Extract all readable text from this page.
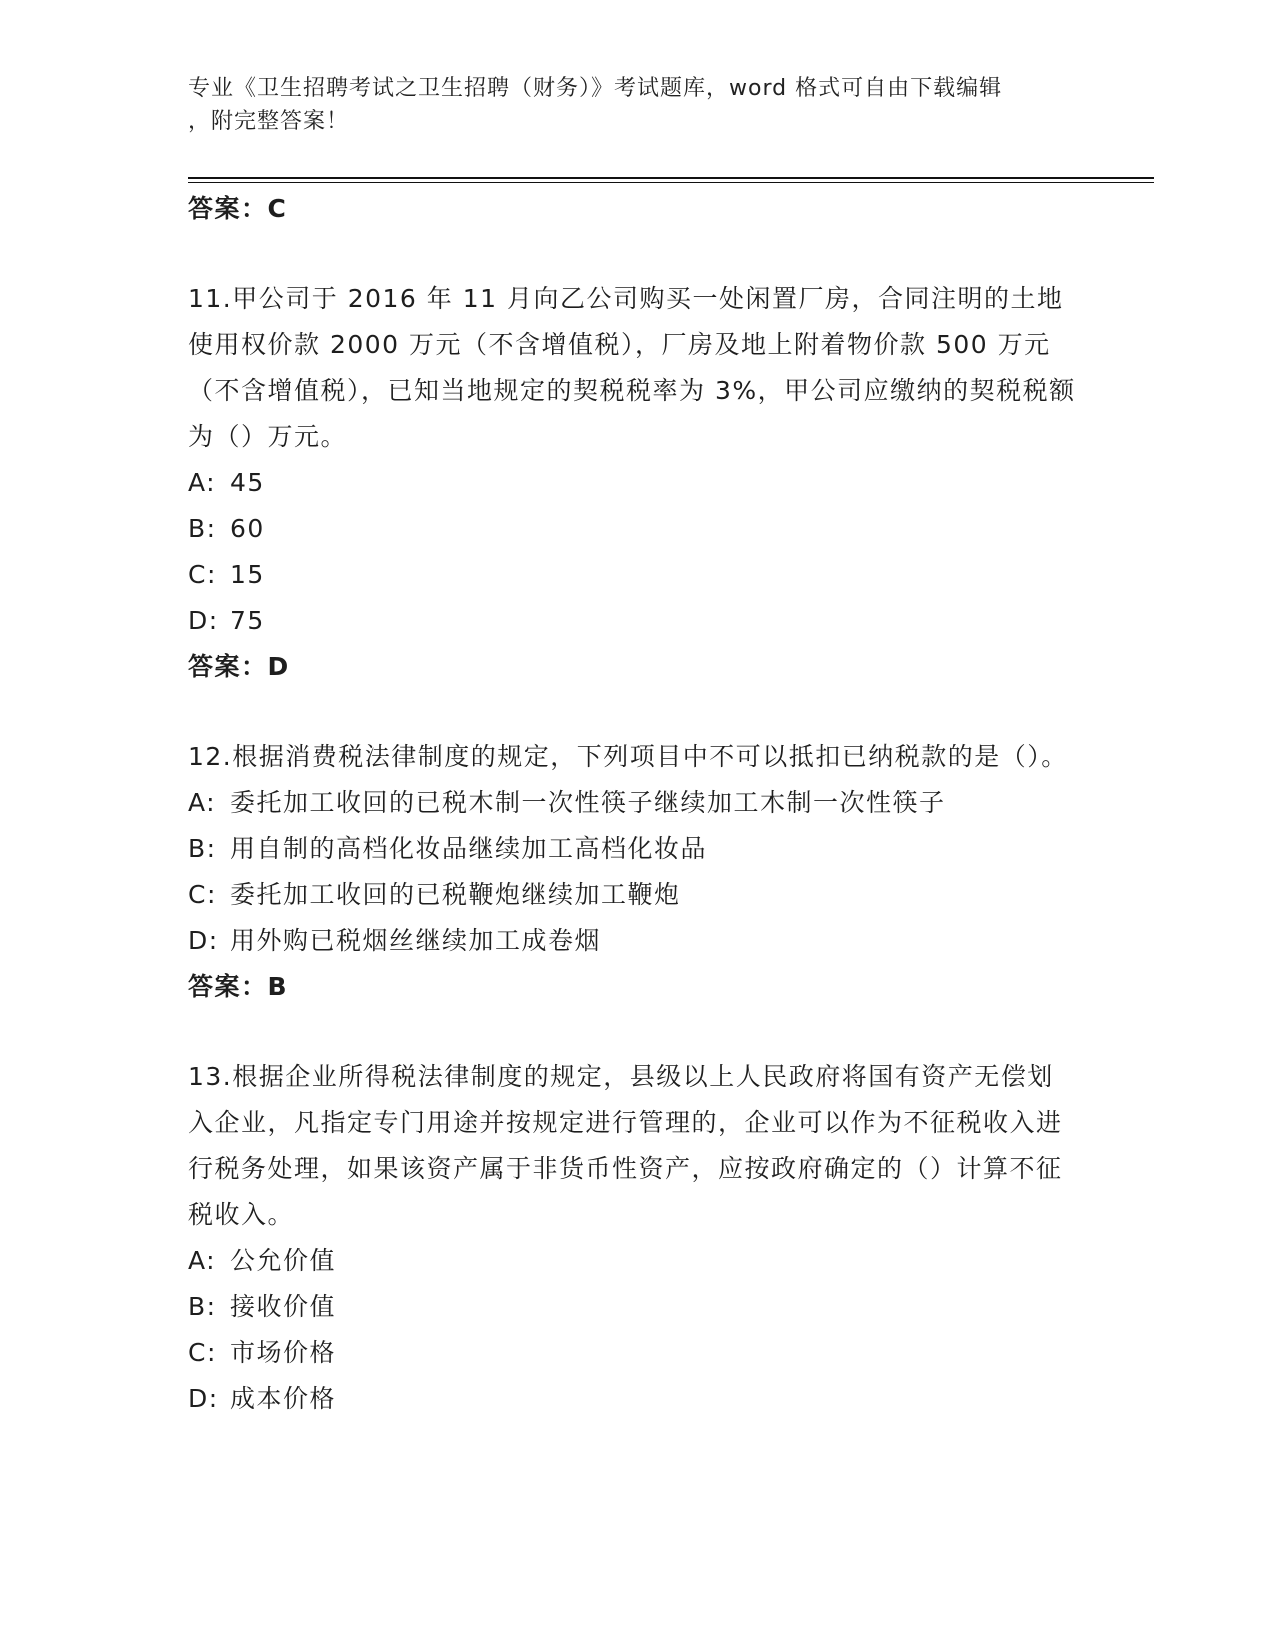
专业《卫生招聘考试之卫生招聘（财务）》考试题库，word 格式可自由下载编辑
，附完整答案！
答案：C
11.甲公司于 2016 年 11 月向乙公司购买一处闲置厂房，合同注明的土地使用权价款 2000 万元（不含增值税），厂房及地上附着物价款 500 万元（不含增值税），已知当地规定的契税税率为 3%，甲公司应缴纳的契税税额为（）万元。
A: 45
B: 60
C: 15
D: 75
答案：D
12.根据消费税法律制度的规定，下列项目中不可以抵扣已纳税款的是（）。
A: 委托加工收回的已税木制一次性筷子继续加工木制一次性筷子
B: 用自制的高档化妆品继续加工高档化妆品
C: 委托加工收回的已税鞭炮继续加工鞭炮
D: 用外购已税烟丝继续加工成卷烟
答案：B
13.根据企业所得税法律制度的规定，县级以上人民政府将国有资产无偿划入企业，凡指定专门用途并按规定进行管理的，企业可以作为不征税收入进行税务处理，如果该资产属于非货币性资产，应按政府确定的（）计算不征税收入。
A: 公允价值
B: 接收价值
C: 市场价格
D: 成本价格
